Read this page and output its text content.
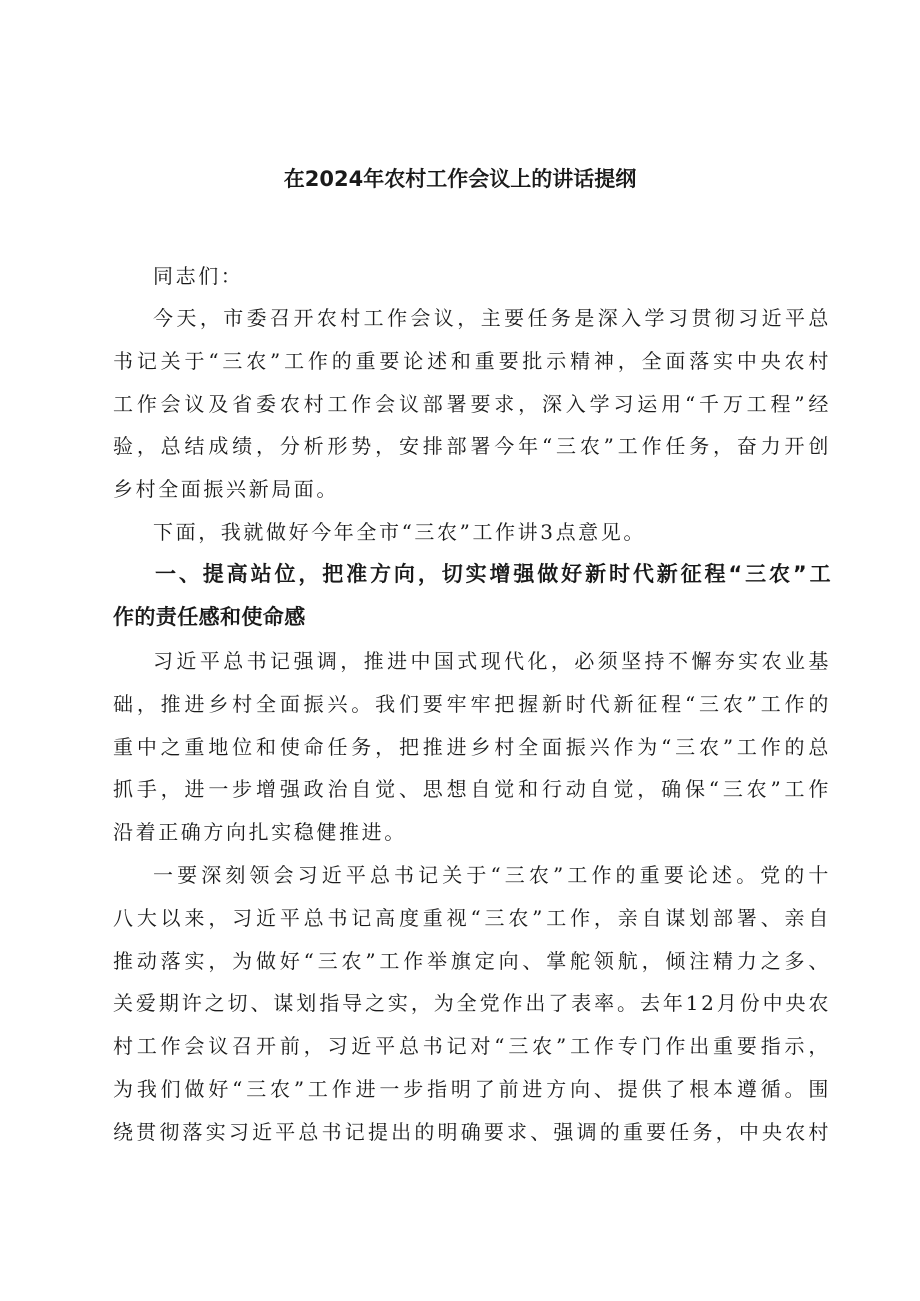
在2024年农村工作会议上的讲话提纲
同志们：
今天，市委召开农村工作会议，主要任务是深入学习贯彻习近平总
书记关于“三农”工作的重要论述和重要批示精神，全面落实中央农村
工作会议及省委农村工作会议部署要求，深入学习运用“千万工程”经
验，总结成绩，分析形势，安排部署今年“三农”工作任务，奋力开创
乡村全面振兴新局面。
下面，我就做好今年全市“三农”工作讲3点意见。
一、提高站位，把准方向，切实增强做好新时代新征程“三农”工
作的责任感和使命感
习近平总书记强调，推进中国式现代化，必须坚持不懈夯实农业基
础，推进乡村全面振兴。我们要牢牢把握新时代新征程“三农”工作的
重中之重地位和使命任务，把推进乡村全面振兴作为“三农”工作的总
抓手，进一步增强政治自觉、思想自觉和行动自觉，确保“三农”工作
沿着正确方向扎实稳健推进。
一要深刻领会习近平总书记关于“三农”工作的重要论述。党的十
八大以来，习近平总书记高度重视“三农”工作，亲自谋划部署、亲自
推动落实，为做好“三农”工作举旗定向、掌舵领航，倾注精力之多、
关爱期许之切、谋划指导之实，为全党作出了表率。去年12月份中央农
村工作会议召开前，习近平总书记对“三农”工作专门作出重要指示，
为我们做好“三农”工作进一步指明了前进方向、提供了根本遵循。围
绕贯彻落实习近平总书记提出的明确要求、强调的重要任务，中央农村
